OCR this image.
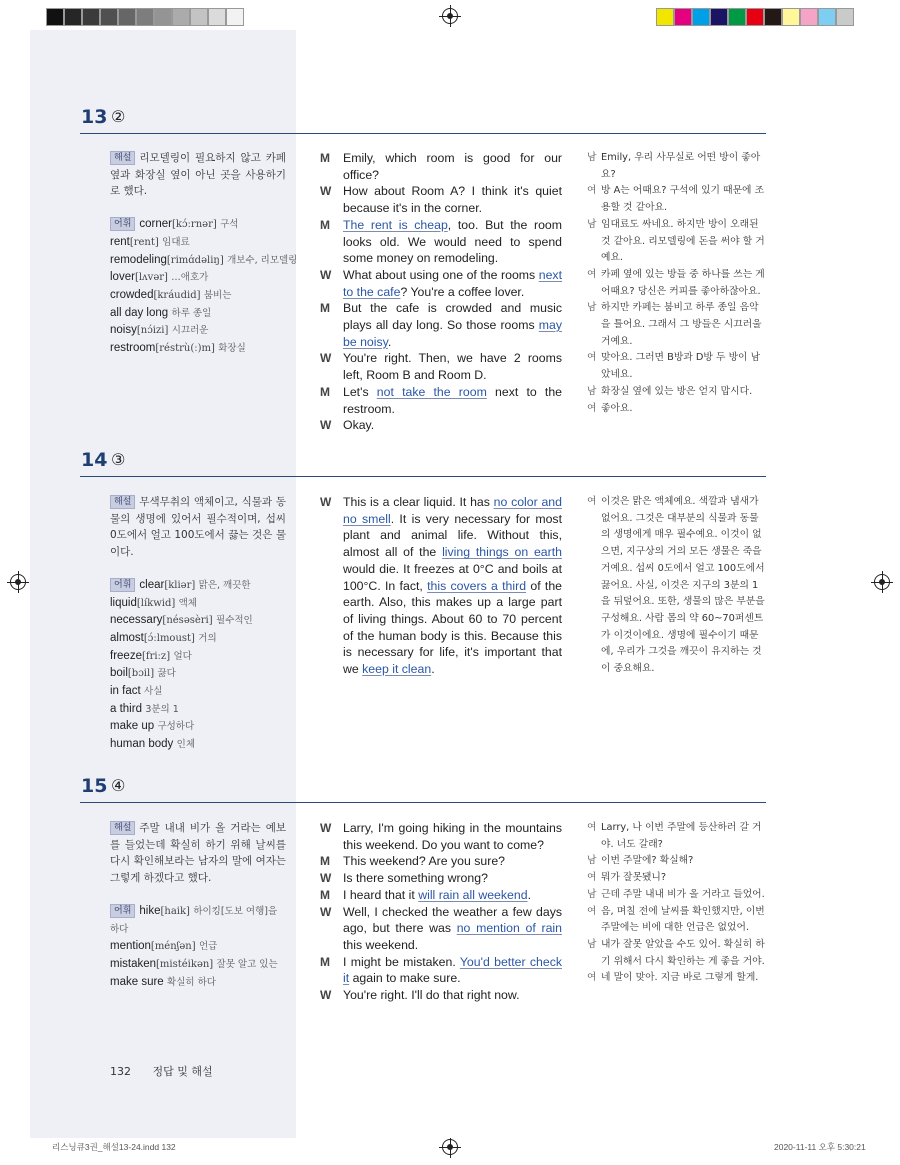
13 ②
해설 리모델링이 필요하지 않고 카페 옆과 화장실 옆이 아닌 곳을 사용하기로 했다.
어휘 corner[kɔ́ːrnər] 구석
rent[rent] 임대료
remodeling[rimɑ́dəliŋ] 개보수, 리모델링
lover[lʌvər] …애호가
crowded[kráudid] 붐비는
all day long 하루 종일
noisy[nɔ́izi] 시끄러운
restroom[réstrù(ː)m] 화장실
M Emily, which room is good for our office?
W How about Room A? I think it's quiet because it's in the corner.
M The rent is cheap, too. But the room looks old. We would need to spend some money on remodeling.
W What about using one of the rooms next to the cafe? You're a coffee lover.
M But the cafe is crowded and music plays all day long. So those rooms may be noisy.
W You're right. Then, we have 2 rooms left, Room B and Room D.
M Let's not take the room next to the restroom.
W Okay.
남 Emily, 우리 사무실로 어떤 방이 좋아요?
여 방 A는 어때요? 구석에 있기 때문에 조용할 것 같아요.
남 임대료도 싸네요. 하지만 방이 오래된 것 같아요. 리모델링에 돈을 써야 할 거예요.
여 카페 옆에 있는 방들 중 하나를 쓰는 게 어때요? 당신은 커피를 좋아하잖아요.
남 하지만 카페는 붐비고 하루 종일 음악을 틀어요. 그래서 그 방들은 시끄러울 거예요.
여 맞아요. 그러면 B방과 D방 두 방이 남았네요.
남 화장실 옆에 있는 방은 얻지 맙시다.
여 좋아요.
14 ③
해설 무색무취의 액체이고, 식물과 동물의 생명에 있어서 필수적이며, 섭씨 0도에서 얼고 100도에서 끓는 것은 물이다.
어휘 clear[kliər] 맑은, 깨끗한
liquid[líkwid] 액체
necessary[nésəsèri] 필수적인
almost[ɔ́ːlmoust] 거의
freeze[friːz] 얼다
boil[bɔil] 끓다
in fact 사실
a third 3분의 1
make up 구성하다
human body 인체
W This is a clear liquid. It has no color and no smell. It is very necessary for most plant and animal life. Without this, almost all of the living things on earth would die. It freezes at 0°C and boils at 100°C. In fact, this covers a third of the earth. Also, this makes up a large part of living things. About 60 to 70 percent of the human body is this. Because this is necessary for life, it's important that we keep it clean.
여 이것은 맑은 액체예요. 색깔과 냄새가 없어요. 그것은 대부분의 식물과 동물의 생명에게 매우 필수예요. 이것이 없으면, 지구상의 거의 모든 생물은 죽을 거예요. 섭씨 0도에서 얼고 100도에서 끓어요. 사실, 이것은 지구의 3분의 1을 뒤덮어요. 또한, 생물의 많은 부분을 구성해요. 사람 몸의 약 60~70퍼센트가 이것이에요. 생명에 필수이기 때문에, 우리가 그것을 깨끗이 유지하는 것이 중요해요.
15 ④
해설 주말 내내 비가 올 거라는 예보를 들었는데 확실히 하기 위해 날씨를 다시 확인해보라는 남자의 말에 여자는 그렇게 하겠다고 했다.
어휘 hike[haik] 하이킹[도보 여행]을 하다
mention[ménʃən] 언급
mistaken[mistéikən] 잘못 알고 있는
make sure 확실히 하다
W Larry, I'm going hiking in the mountains this weekend. Do you want to come?
M This weekend? Are you sure?
W Is there something wrong?
M I heard that it will rain all weekend.
W Well, I checked the weather a few days ago, but there was no mention of rain this weekend.
M I might be mistaken. You'd better check it again to make sure.
W You're right. I'll do that right now.
여 Larry, 나 이번 주말에 등산하러 갈 거야. 너도 갈래?
남 이번 주말에? 확실해?
여 뭐가 잘못됐니?
남 근데 주말 내내 비가 올 거라고 들었어.
여 음, 며칠 전에 날씨를 확인했지만, 이번 주말에는 비에 대한 언급은 없었어.
남 내가 잘못 알았을 수도 있어. 확실히 하기 위해서 다시 확인하는 게 좋을 거야.
여 네 말이 맞아. 지금 바로 그렇게 할게.
132 정답 및 해설
리스닝큐3권_해설13-24.indd 132	2020-11-11 오후 5:30:21
